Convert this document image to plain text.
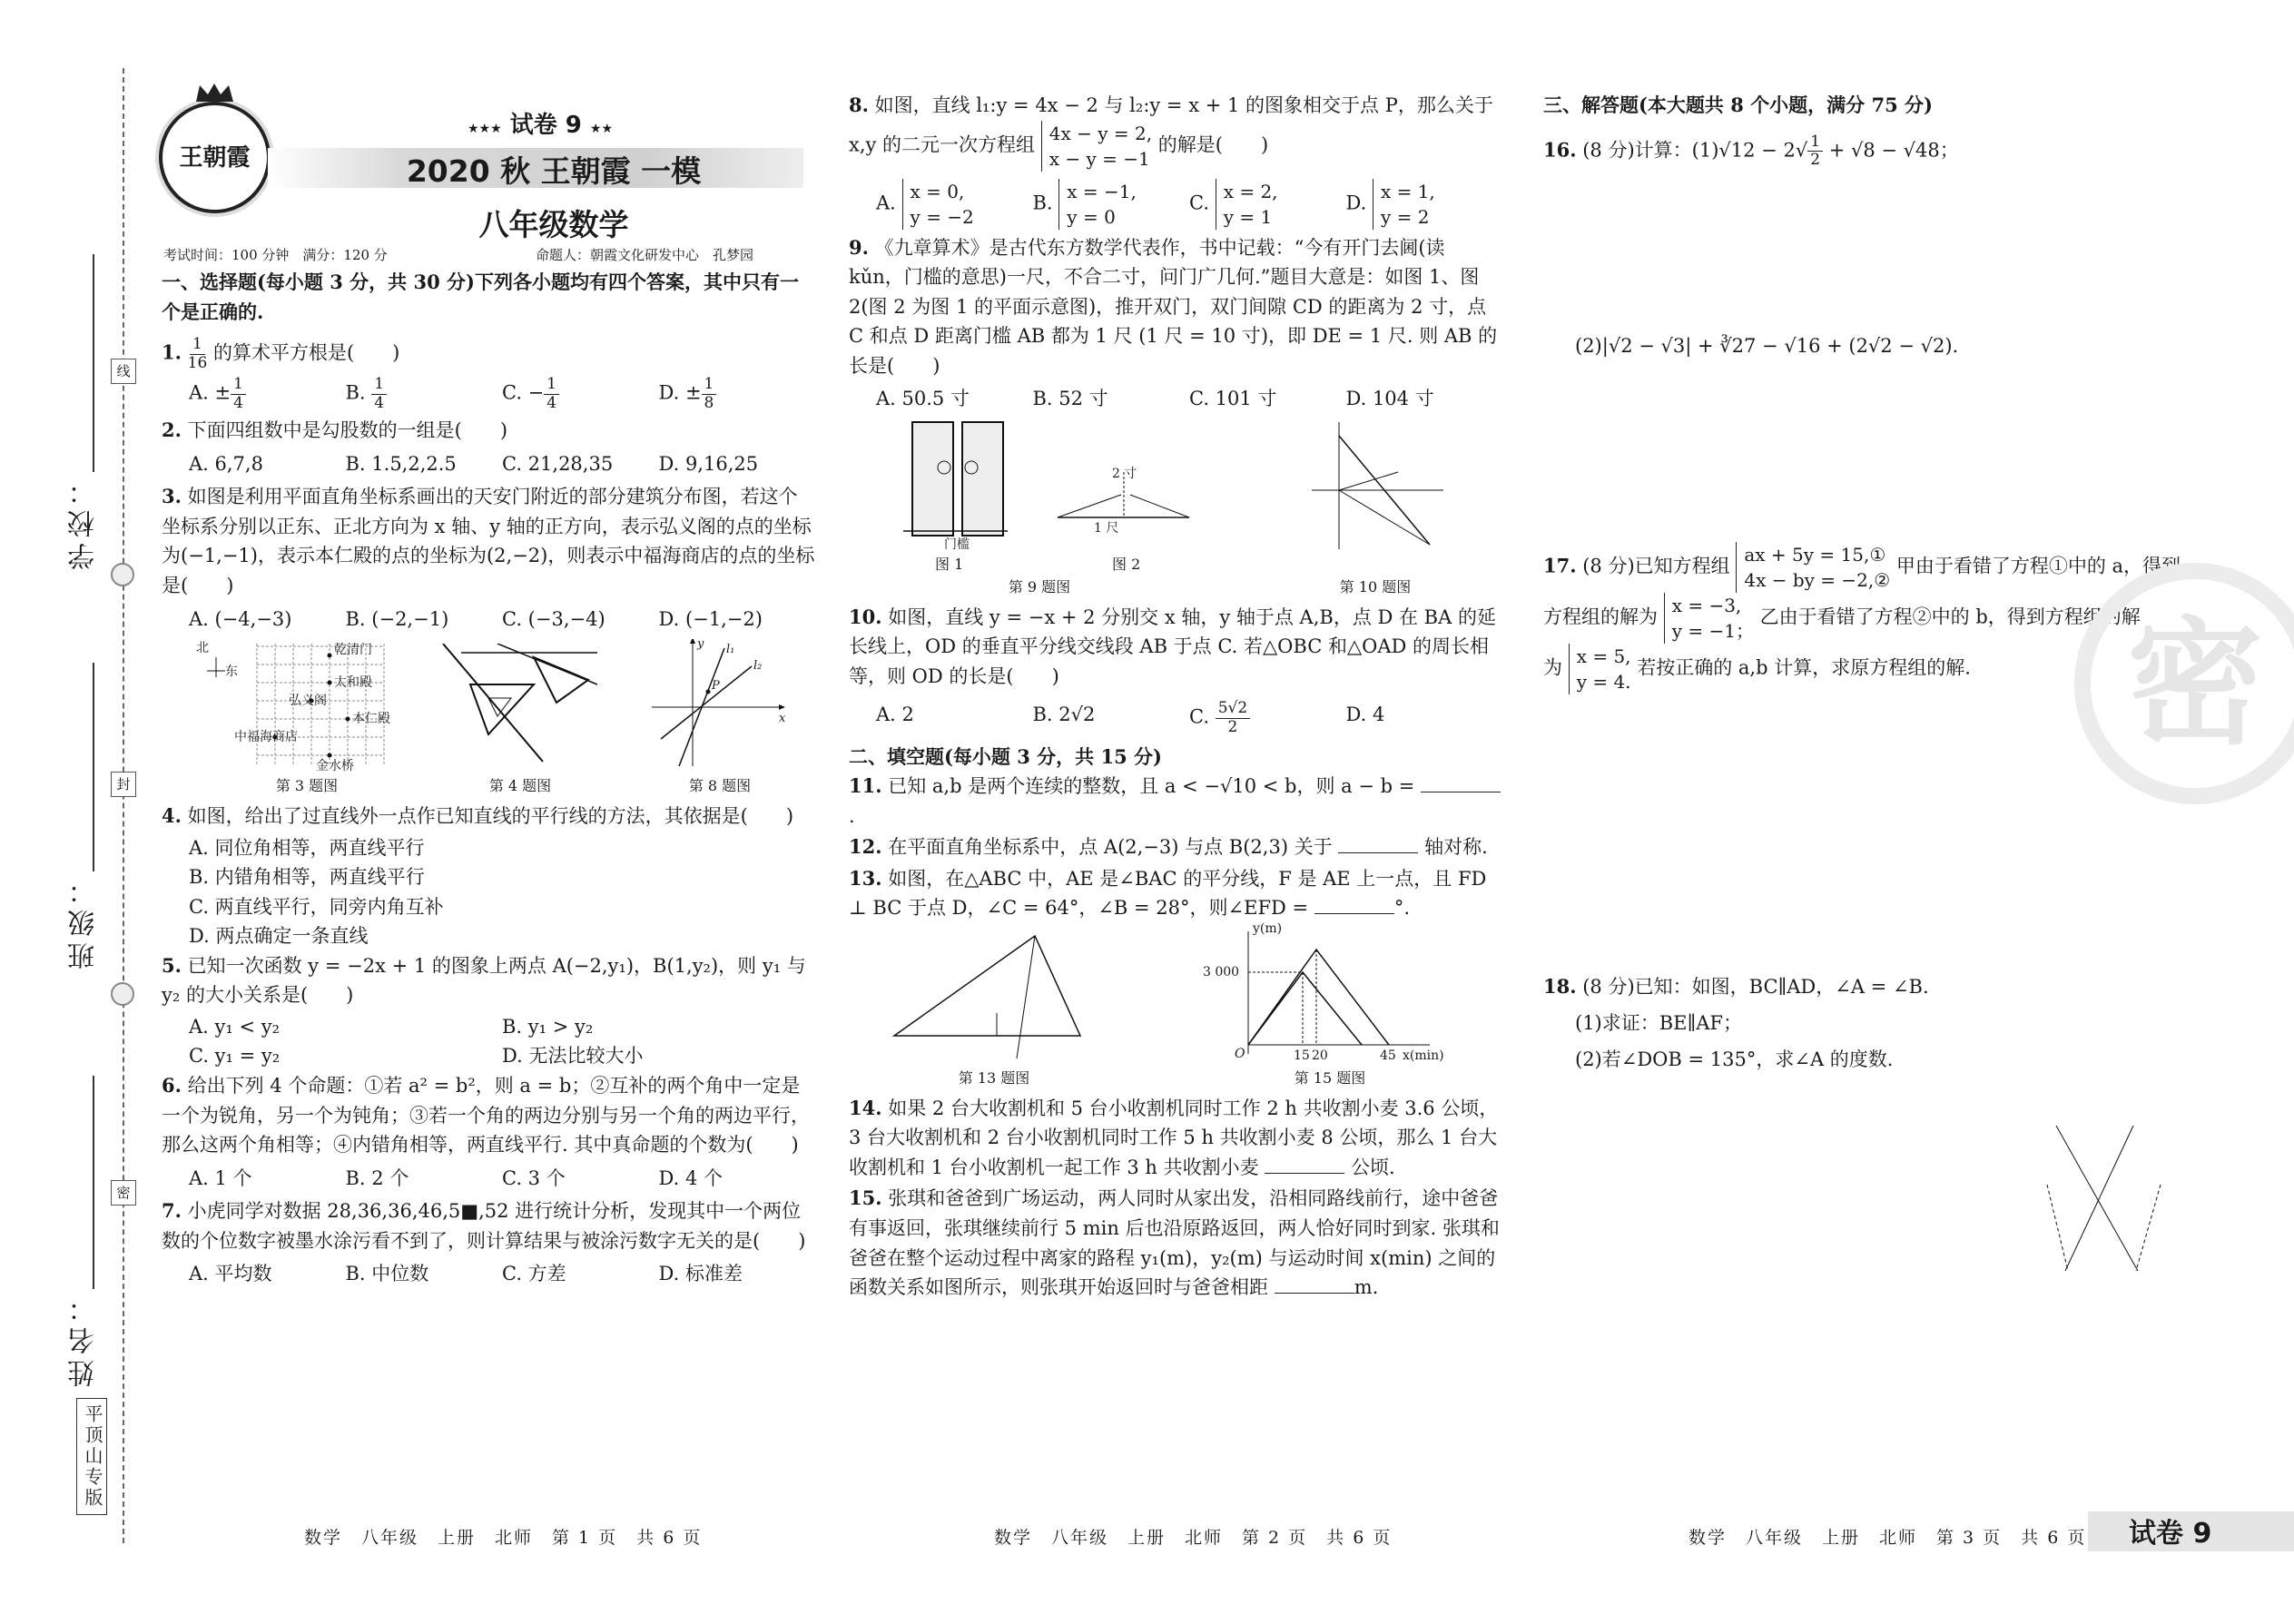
线
封
密
学校：
班级：
姓名：
平顶山专版
王朝霞
★★★ 试卷 9 ★★
2020 秋 王朝霞 一模
八年级数学
考试时间：100 分钟　满分：120 分	命题人：朝霞文化研发中心　孔梦园
一、选择题(每小题 3 分，共 30 分)下列各小题均有四个答案，其中只有一个是正确的.
1. $\frac{1}{16}$ 的算术平方根是(　　)
A. ± $\frac{1}{4}$	B. $\frac{1}{4}$	C. − $\frac{1}{4}$	D. ± $\frac{1}{8}$
2. 下面四组数中是勾股数的一组是(　　)
A. 6,7,8	B. 1.5,2,2.5	C. 21,28,35	D. 9,16,25
3. 如图是利用平面直角坐标系画出的天安门附近的部分建筑分布图，若这个坐标系分别以正东、正北方向为 x 轴、y 轴的正方向，表示弘义阁的点的坐标为(−1,−1)，表示本仁殿的点的坐标为(2,−2)，则表示中福海商店的点的坐标是(　　)
A. (−4,−3)	B. (−2,−1)	C. (−3,−4)	D. (−1,−2)
北
东
乾清门
太和殿
弘义阁
本仁殿
中福海商店
金水桥
第 3 题图	第 4 题图
P
l₁
l₂
x
y
第 8 题图
4. 如图，给出了过直线外一点作已知直线的平行线的方法，其依据是(　　)
A. 同位角相等，两直线平行
B. 内错角相等，两直线平行
C. 两直线平行，同旁内角互补
D. 两点确定一条直线
5. 已知一次函数 y = −2x + 1 的图象上两点 A(−2,y₁)，B(1,y₂)，则 y₁ 与 y₂ 的大小关系是(　　)
A. y₁ < y₂	B. y₁ > y₂
C. y₁ = y₂	D. 无法比较大小
6. 给出下列 4 个命题：①若 a² = b²，则 a = b；②互补的两个角中一定是一个为锐角，另一个为钝角；③若一个角的两边分别与另一个角的两边平行，那么这两个角相等；④内错角相等，两直线平行. 其中真命题的个数为(　　)
A. 1 个	B. 2 个	C. 3 个	D. 4 个
7. 小虎同学对数据 28,36,36,46,5■,52 进行统计分析，发现其中一个两位数的个位数字被墨水涂污看不到了，则计算结果与被涂污数字无关的是(　　)
A. 平均数	B. 中位数	C. 方差	D. 标准差
数学　八年级　上册　北师　第 1 页　共 6 页
8. 如图，直线 l₁:y = 4x − 2 与 l₂:y = x + 1 的图象相交于点 P，那么关于
x,y 的二元一次方程组 4x − y = 2,
x − y = −1 的解是(　　)
A. x = 0,
y = −2
B. x = −1,
y = 0
C. x = 2,
y = 1
D. x = 1,
y = 2
9. 《九章算术》是古代东方数学代表作，书中记载：“今有开门去阃(读 kǔn，门槛的意思)一尺，不合二寸，问门广几何.”题目大意是：如图 1、图 2(图 2 为图 1 的平面示意图)，推开双门，双门间隙 CD 的距离为 2 寸，点 C 和点 D 距离门槛 AB 都为 1 尺 (1 尺 = 10 寸)，即 DE = 1 尺. 则 AB 的长是(　　)
A. 50.5 寸	B. 52 寸	C. 101 寸	D. 104 寸
门槛
2 寸
1 尺
图 1	图 2
第 9 题图	第 10 题图
10. 如图，直线 y = −x + 2 分别交 x 轴，y 轴于点 A,B，点 D 在 BA 的延长线上，OD 的垂直平分线交线段 AB 于点 C. 若△OBC 和△OAD 的周长相等，则 OD 的长是(　　)
A. 2	B. 2√2	C. $\frac{5√2}{2}$	D. 4
二、填空题(每小题 3 分，共 15 分)
11. 已知 a,b 是两个连续的整数，且 a < −√10 < b，则 a − b = .
12. 在平面直角坐标系中，点 A(2,−3) 与点 B(2,3) 关于	轴对称.
13. 如图，在△ABC 中，AE 是∠BAC 的平分线，F 是 AE 上一点，且 FD ⊥ BC 于点 D，∠C = 64°，∠B = 28°，则∠EFD =	°.
第 13 题图
y(m)
x(min)
3 000
15 20	45
O
第 15 题图
14. 如果 2 台大收割机和 5 台小收割机同时工作 2 h 共收割小麦 3.6 公顷，3 台大收割机和 2 台小收割机同时工作 5 h 共收割小麦 8 公顷，那么 1 台大收割机和 1 台小收割机一起工作 3 h 共收割小麦	公顷.
15. 张琪和爸爸到广场运动，两人同时从家出发，沿相同路线前行，途中爸爸有事返回，张琪继续前行 5 min 后也沿原路返回，两人恰好同时到家. 张琪和爸爸在整个运动过程中离家的路程 y₁(m)，y₂(m) 与运动时间 x(min) 之间的函数关系如图所示，则张琪开始返回时与爸爸相距	m.
数学　八年级　上册　北师　第 2 页　共 6 页
三、解答题(本大题共 8 个小题，满分 75 分)
16. (8 分)计算：$(1)√12 - 2√ \frac{1}{2} + √8 - √48$；
(2)|√2 − √3| + ∛27 − √16 + (2√2 − √2).
17. (8 分)已知方程组 ax + 5y = 15,①
4x − by = −2,② 甲由于看错了方程①中的 a，得到
方程组的解为 x = −3,
y = −1； 乙由于看错了方程②中的 b，得到方程组的解
为 x = 5,
y = 4. 若按正确的 a,b 计算，求原方程组的解.
18. (8 分)已知：如图，BC∥AD，∠A = ∠B.
(1)求证：BE∥AF；
(2)若∠DOB = 135°，求∠A 的度数.
数学　八年级　上册　北师　第 3 页　共 6 页 试卷 9
密
